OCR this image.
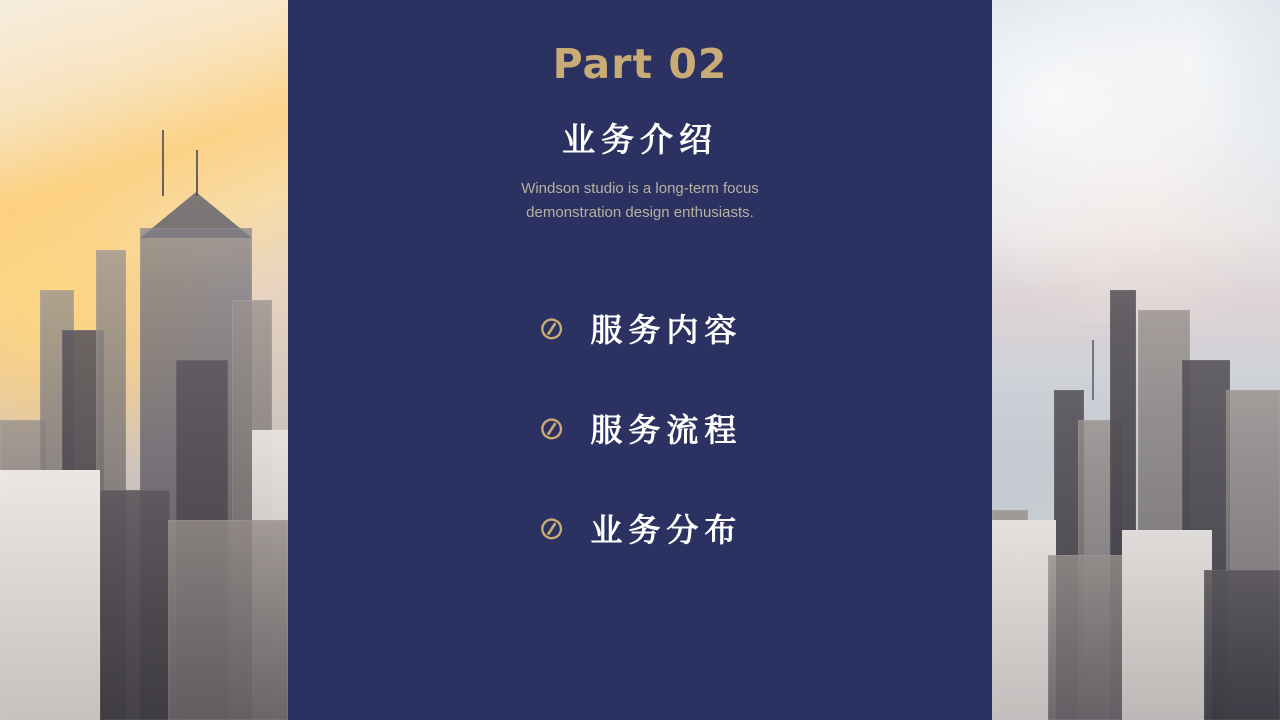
Part 02
业务介绍

Windson studio is a long-term focus
demonstration design enthusiasts.

⊘ 服务内容
⊘ 服务流程
⊘ 业务分布
